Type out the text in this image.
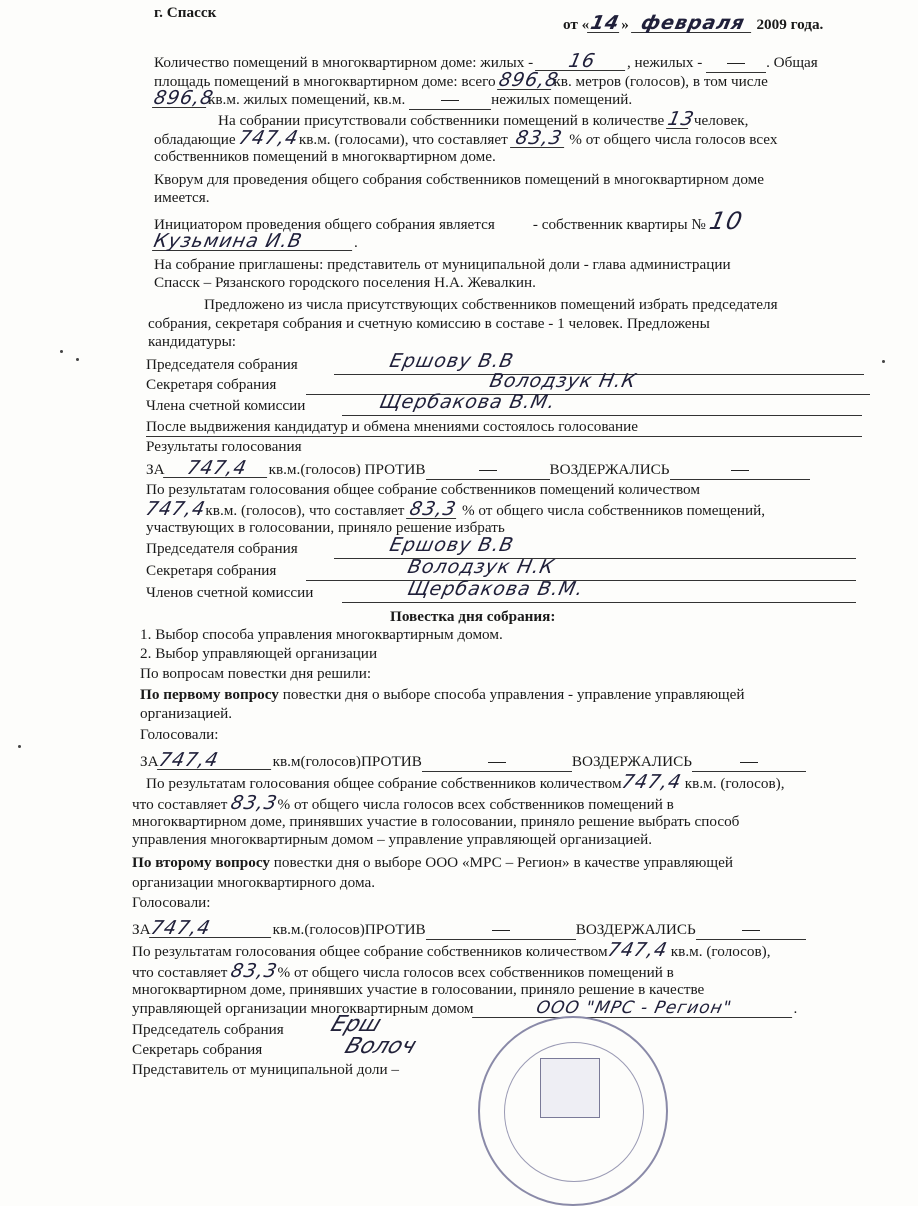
г. Спасск
от «14» февраля 2009 года.
Количество помещений в многоквартирном доме: жилых - 16 , нежилых -	. Общая
площадь помещений в многоквартирном доме: всего 896,8кв. метров (голосов), в том числе
896,8кв.м. жилых помещений, кв.м.	нежилых помещений.
На собрании присутствовали собственники помещений в количестве 13 человек,
обладающие 747,4кв.м. (голосами), что составляет 83,3 % от общего числа голосов всех
собственников помещений в многоквартирном доме.
Кворум для проведения общего собрания собственников помещений в многоквартирном доме
имеется.
Инициатором проведения общего собрания является	- собственник квартиры № 10
Кузьмина И.В	.
На собрание приглашены: представитель от муниципальной доли - глава администрации
Спасск – Рязанского городского поселения Н.А. Жевалкин.
Предложено из числа присутствующих собственников помещений избрать председателя
собрания, секретаря собрания и счетную комиссию в составе - 1 человек. Предложены
кандидатуры:
Председателя собрания	Ершову В.В
Секретаря собрания	Володзук Н.К
Члена счетной комиссии	Щербакова В.М.
После выдвижения кандидатур и обмена мнениями состоялось голосование
Результаты голосования
ЗА 747,4 кв.м.(голосов) ПРОТИВ	ВОЗДЕРЖАЛИСЬ
По результатам голосования общее собрание собственников помещений количеством
747,4кв.м. (голосов), что составляет 83,3 % от общего числа собственников помещений,
участвующих в голосовании, приняло решение избрать
Председателя собрания	Ершову В.В
Секретаря собрания	Володзук Н.К
Членов счетной комиссии	Щербакова В.М.
Повестка дня собрания:
1. Выбор способа управления многоквартирным домом.
2. Выбор управляющей организации
По вопросам повестки дня решили:
По первому вопросу повестки дня о выборе способа управления - управление управляющей
организацией.
Голосовали:
ЗА747,4	кв.м(голосов)ПРОТИВ	ВОЗДЕРЖАЛИСЬ
По результатам голосования общее собрание собственников количеством747,4 кв.м. (голосов),
что составляет 83,3% от общего числа голосов всех собственников помещений в
многоквартирном доме, принявших участие в голосовании, приняло решение выбрать способ
управления многоквартирным домом – управление управляющей организацией.
По второму вопросу повестки дня о выборе ООО «МРС – Регион» в качестве управляющей
организации многоквартирного дома.
Голосовали:
ЗА747,4	кв.м.(голосов)ПРОТИВ	ВОЗДЕРЖАЛИСЬ
По результатам голосования общее собрание собственников количеством747,4 кв.м. (голосов),
что составляет 83,3% от общего числа голосов всех собственников помещений в
многоквартирном доме, принявших участие в голосовании, приняло решение в качестве
управляющей организации многоквартирным домом	ООО "МРС - Регион"	.
Председатель собрания Ерш
Секретарь собрания	Волоч
Представитель от муниципальной доли –
